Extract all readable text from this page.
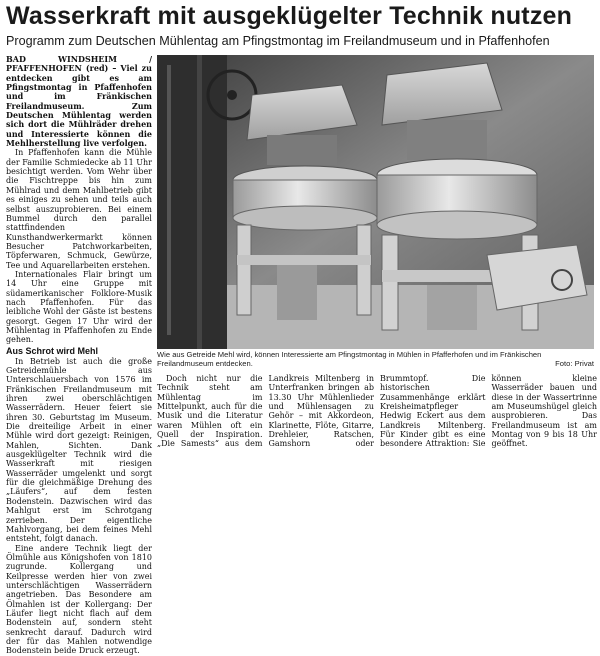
Wasserkraft mit ausgeklügelter Technik nutzen
Programm zum Deutschen Mühlentag am Pfingstmontag im Freilandmuseum und in Pfaffenhofen

BAD WINDSHEIM / PFAFFENHOFEN (red) – Viel zu entdecken gibt es am Pfingstmontag in Pfaffenhofen und im Fränkischen Freilandmuseum. Zum Deutschen Mühlentag werden sich dort die Mühlräder drehen und Interessierte können die Mehlherstellung live verfolgen.

In Pfaffenhofen kann die Mühle der Familie Schmiedecke ab 11 Uhr besichtigt werden. Vom Wehr über die Fischtreppe bis hin zum Mühlrad und dem Mahlbetrieb gibt es einiges zu sehen und teils auch selbst auszuprobieren. Bei einem Bummel durch den parallel stattfindenden Kunsthandwerkermarkt können Besucher Patchworkarbeiten, Töpferwaren, Schmuck, Gewürze, Tee und Aquarellarbeiten erstehen.

Internationales Flair bringt um 14 Uhr eine Gruppe mit südamerikanischer Folklore-Musik nach Pfaffenhofen. Für das leibliche Wohl der Gäste ist bestens gesorgt. Gegen 17 Uhr wird der Mühlentag in Pfaffenhofen zu Ende gehen.

Aus Schrot wird Mehl

In Betrieb ist auch die große Getreidemühle aus Unterschlauersbach von 1576 im Fränkischen Freilandmuseum mit ihren zwei oberschlächtigen Wasserrädern. Heuer feiert sie ihren 30. Geburtstag im Museum. Die dreiteilige Arbeit in einer Mühle wird dort gezeigt: Reinigen, Mahlen, Sichten. Dank ausgeklügelter Technik wird die Wasserkraft mit riesigen Wasserräder umgelenkt und sorgt für die gleichmäßige Drehung des „Läufers“, auf dem festen Bodenstein. Dazwischen wird das Mahlgut erst im Schrotgang zerrieben. Der eigentliche Mahlvorgang, bei dem feines Mehl entsteht, folgt danach.

Eine andere Technik liegt der Ölmühle aus Königshofen von 1810 zugrunde. Kollergang und Keilpresse werden hier von zwei unterschlächtigen Wasserrädern angetrieben. Das Besondere am Ölmahlen ist der Kollergang: Der Läufer liegt nicht flach auf dem Bodenstein auf, sondern steht senkrecht darauf. Dadurch wird der für das Mahlen notwendige Bodenstein beide Druck erzeugt.

Wie aus Getreide Mehl wird, können Interessierte am Pfingstmontag in Mühlen in Pfafferhofen und im Fränkischen Freilandmuseum entdecken.	Foto: Privat

Doch nicht nur die Technik steht am Mühlentag im Mittelpunkt, auch für die Musik und die Literatur waren Mühlen oft ein Quell der Inspiration. „Die Samests“ aus dem Landkreis Miltenberg in Unterfranken bringen ab 13.30 Uhr Mühlenlieder und Mühlensagen zu Gehör – mit Akkordeon, Klarinette, Flöte, Gitarre, Drehleier, Ratschen, Gamshorn oder Brummtopf. Die historischen Zusammenhänge erklärt Kreisheimatpfleger Hedwig Eckert aus dem Landkreis Miltenberg. Für Kinder gibt es eine besondere Attraktion: Sie können kleine Wasserräder bauen und diese in der Wassertrinne am Museumshügel gleich ausprobieren. Das Freilandmuseum ist am Montag von 9 bis 18 Uhr geöffnet.
